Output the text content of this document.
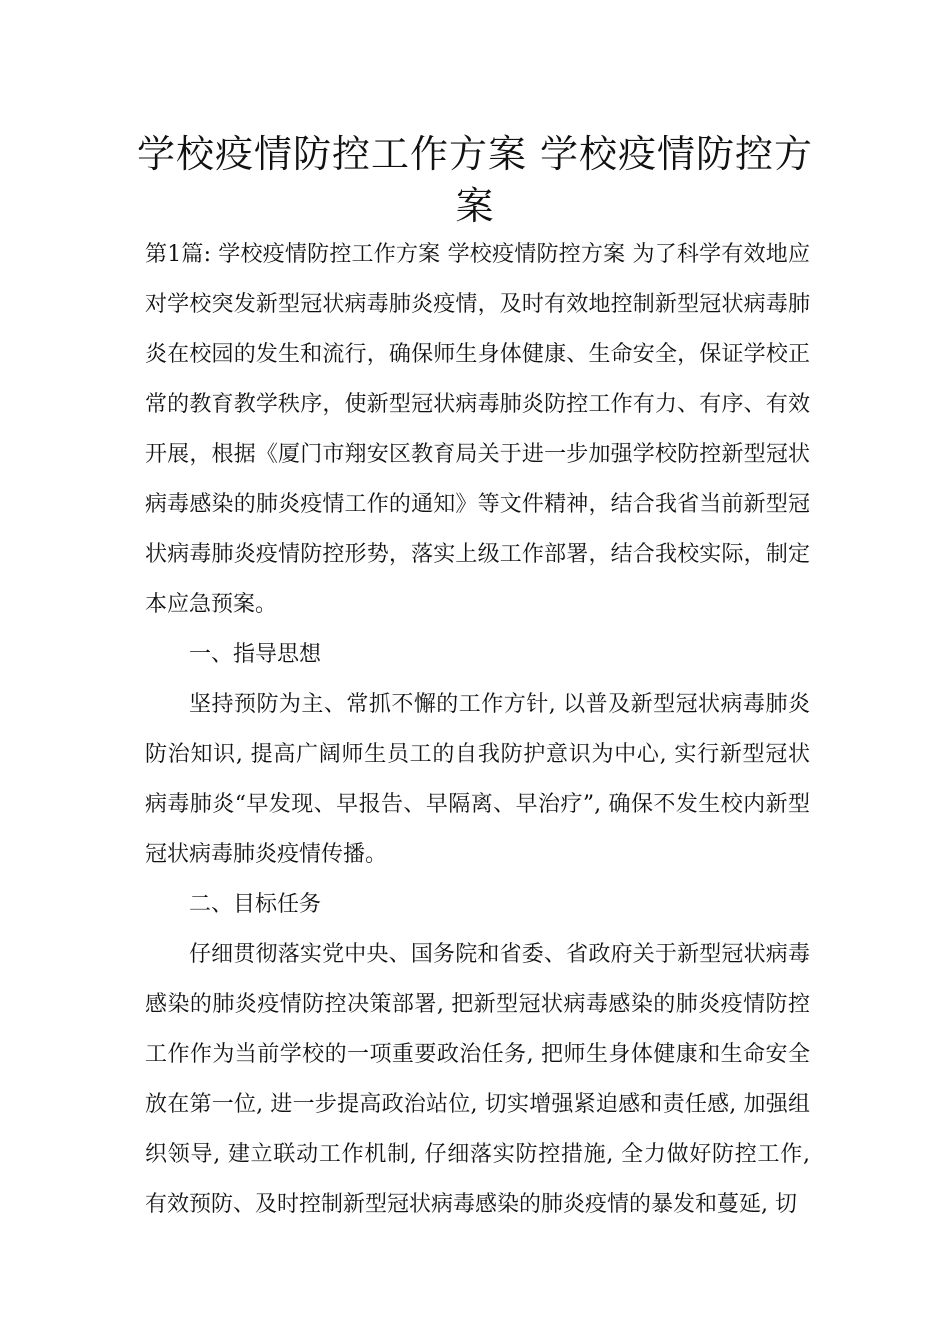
学校疫情防控工作方案 学校疫情防控方案

第1篇: 学校疫情防控工作方案 学校疫情防控方案 为了科学有效地应对学校突发新型冠状病毒肺炎疫情，及时有效地控制新型冠状病毒肺炎在校园的发生和流行，确保师生身体健康、生命安全，保证学校正常的教育教学秩序，使新型冠状病毒肺炎防控工作有力、有序、有效开展，根据《厦门市翔安区教育局关于进一步加强学校防控新型冠状病毒感染的肺炎疫情工作的通知》等文件精神，结合我省当前新型冠状病毒肺炎疫情防控形势，落实上级工作部署，结合我校实际，制定本应急预案。

一、指导思想

坚持预防为主、常抓不懈的工作方针, 以普及新型冠状病毒肺炎防治知识, 提高广阔师生员工的自我防护意识为中心, 实行新型冠状病毒肺炎“早发现、早报告、早隔离、早治疗”, 确保不发生校内新型冠状病毒肺炎疫情传播。

二、目标任务

仔细贯彻落实党中央、国务院和省委、省政府关于新型冠状病毒感染的肺炎疫情防控决策部署, 把新型冠状病毒感染的肺炎疫情防控工作作为当前学校的一项重要政治任务, 把师生身体健康和生命安全放在第一位, 进一步提高政治站位, 切实增强紧迫感和责任感, 加强组织领导, 建立联动工作机制, 仔细落实防控措施, 全力做好防控工作, 有效预防、及时控制新型冠状病毒感染的肺炎疫情的暴发和蔓延, 切
